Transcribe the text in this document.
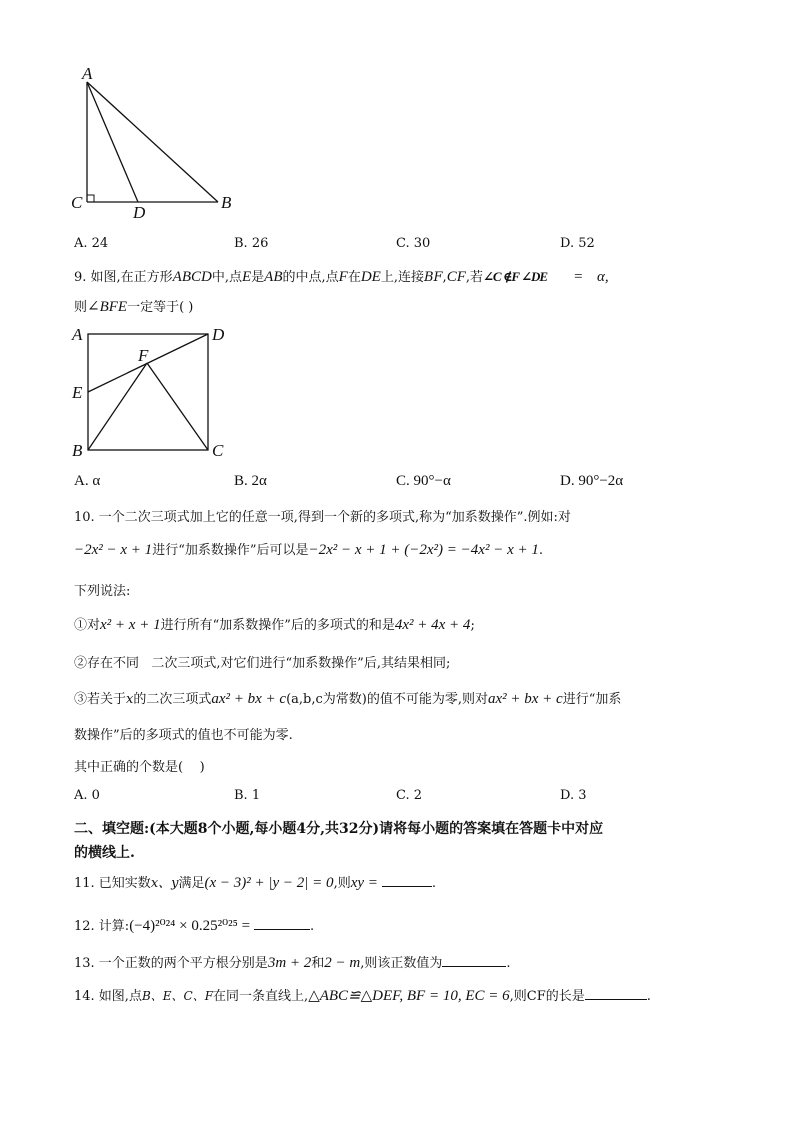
A
C
D
B
A. 24	B. 26	C. 30	D. 52
9. 如图,在正方形ABCD中,点E是AB的中点,点F在DE上,连接BF,CF,若∠C ∉F ∠DE = α,
则∠BFE一定等于( )
A	D
F
E
B	C
A. α	B. 2α	C. 90°−α	D. 90°−2α
10. 一个二次三项式加上它的任意一项,得到一个新的多项式,称为“加系数操作”.例如:对
−2x² − x + 1进行“加系数操作”后可以是−2x² − x + 1 + (−2x²) = −4x² − x + 1.
下列说法:
①对x² + x + 1进行所有“加系数操作”后的多项式的和是4x² + 4x + 4;
②存在不同   二次三项式,对它们进行“加系数操作”后,其结果相同;
③若关于x的二次三项式ax² + bx + c(a,b,c为常数)的值不可能为零,则对ax² + bx + c进行“加系
数操作”后的多项式的值也不可能为零.
其中正确的个数是(    )
A. 0	B. 1	C. 2	D. 3
二、填空题:(本大题8个小题,每小题4分,共32分)请将每小题的答案填在答题卡中对应
的横线上.
11. 已知实数x、y满足(x − 3)² + |y − 2| = 0,则xy =	.
12. 计算:(−4)²⁰²⁴ × 0.25²⁰²⁵ =	.
13. 一个正数的两个平方根分别是3m + 2和2 − m,则该正数值为	.
14. 如图,点B、E、C、F在同一条直线上,△ABC≌△DEF, BF = 10, EC = 6,则CF的长是	.
